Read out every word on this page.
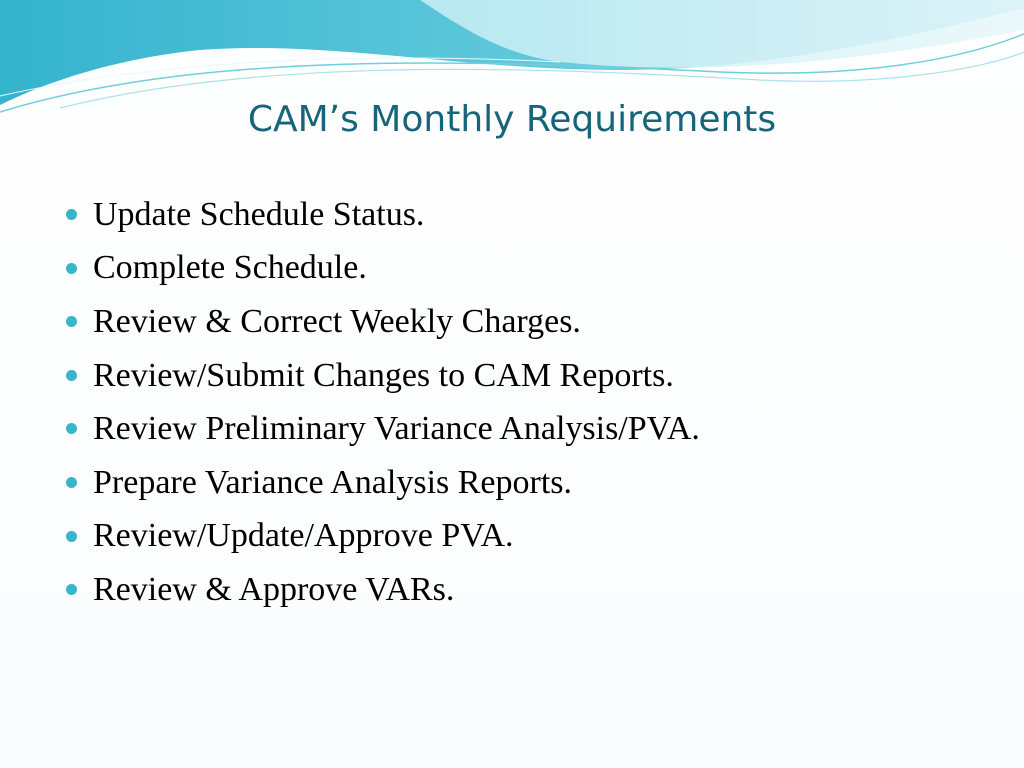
CAM’s Monthly Requirements
Update Schedule Status.
Complete Schedule.
Review & Correct Weekly Charges.
Review/Submit Changes to CAM Reports.
Review Preliminary Variance Analysis/PVA.
Prepare Variance Analysis Reports.
Review/Update/Approve PVA.
Review & Approve VARs.
